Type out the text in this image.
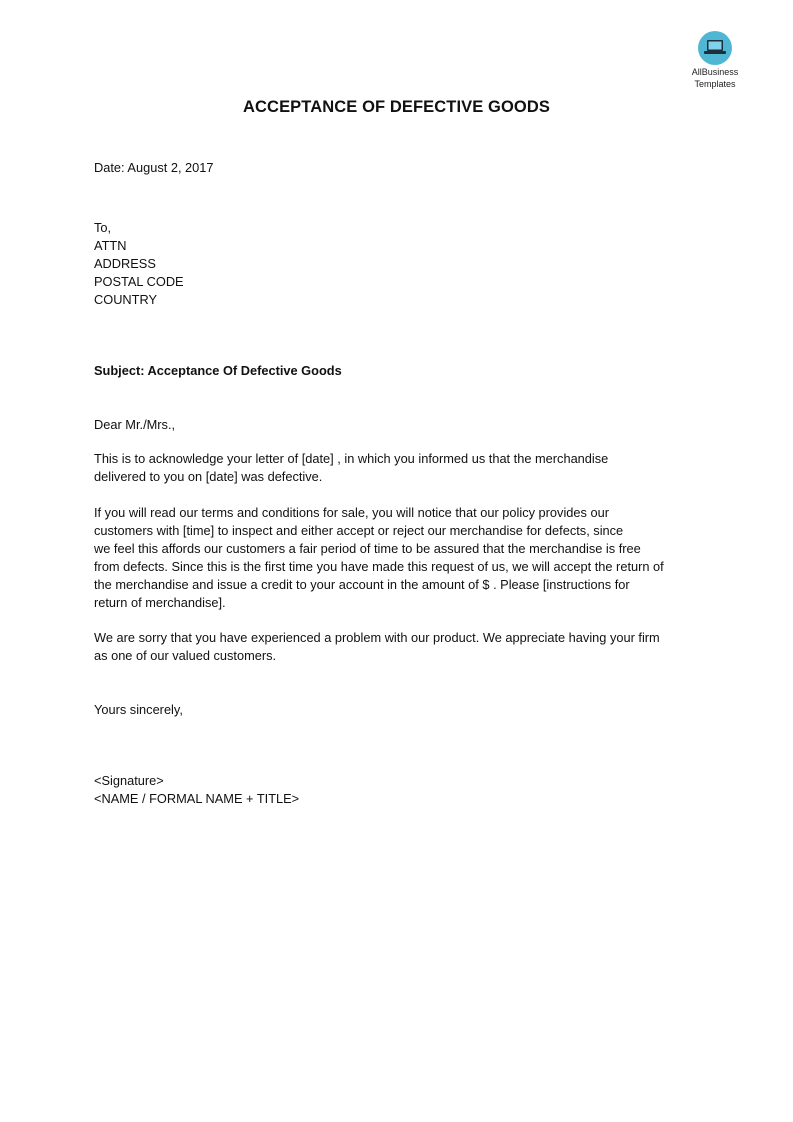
AllBusiness
Templates
ACCEPTANCE OF DEFECTIVE GOODS
Date: August 2, 2017
To,
ATTN
ADDRESS
POSTAL CODE
COUNTRY
Subject: Acceptance Of Defective Goods
Dear Mr./Mrs.,
This is to acknowledge your letter of [date] , in which you informed us that the merchandise
delivered to you on [date] was defective.
If you will read our terms and conditions for sale, you will notice that our policy provides our
customers with [time] to inspect and either accept or reject our merchandise for defects, since
we feel this affords our customers a fair period of time to be assured that the merchandise is free
from defects. Since this is the first time you have made this request of us, we will accept the return of
the merchandise and issue a credit to your account in the amount of $ . Please [instructions for
return of merchandise].
We are sorry that you have experienced a problem with our product. We appreciate having your firm
as one of our valued customers.
Yours sincerely,
<Signature>
<NAME / FORMAL NAME + TITLE>
